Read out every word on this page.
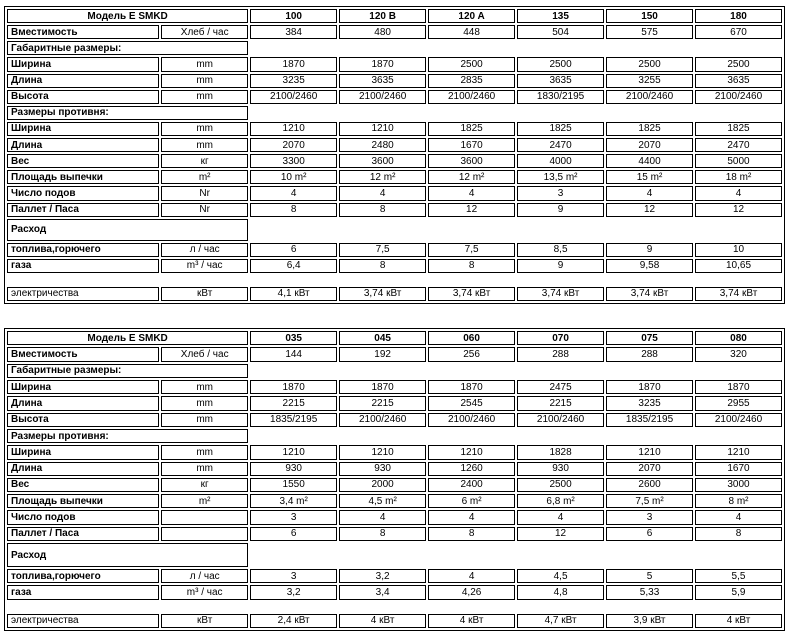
Модель E SMKD		100	120 B	120 A	135	150	180
Вместимость	Хлеб / час	384	480	448	504	575	670
Габаритные размеры:							
Ширина	mm	1870	1870	2500	2500	2500	2500
Длина	mm	3235	3635	2835	3635	3255	3635
Высота	mm	2100/2460	2100/2460	2100/2460	1830/2195	2100/2460	2100/2460
Размеры противня:							
Ширина	mm	1210	1210	1825	1825	1825	1825
Длина	mm	2070	2480	1670	2470	2070	2470
Вес	кг	3300	3600	3600	4000	4400	5000
Площадь выпечки	m²	10 m²	12 m²	12 m²	13,5 m²	15 m²	18 m²
Число подов	Nr	4	4	4	3	4	4
Паллет / Паса	Nr	8	8	12	9	12	12
Расход							
топлива,горючего	л / час	6	7,5	7,5	8,5	9	10
газа	m³ / час	6,4	8	8	9	9,58	10,65

электричества	кВт	4,1 кВт	3,74 кВт	3,74 кВт	3,74 кВт	3,74 кВт	3,74 кВт
Модель E SMKD		035	045	060	070	075	080
Вместимость	Хлеб / час	144	192	256	288	288	320
Габаритные размеры:							
Ширина	mm	1870	1870	1870	2475	1870	1870
Длина	mm	2215	2215	2545	2215	3235	2955
Высота	mm	1835/2195	2100/2460	2100/2460	2100/2460	1835/2195	2100/2460
Размеры противня:							
Ширина	mm	1210	1210	1210	1828	1210	1210
Длина	mm	930	930	1260	930	2070	1670
Вес	кг	1550	2000	2400	2500	2600	3000
Площадь выпечки	m²	3,4 m²	4,5 m²	6 m²	6,8 m²	7,5 m²	8 m²
Число подов		3	4	4	4	3	4
Паллет / Паса		6	8	8	12	6	8
Расход							
топлива,горючего	л / час	3	3,2	4	4,5	5	5,5
газа	m³ / час	3,2	3,4	4,26	4,8	5,33	5,9

электричества	кВт	2,4 кВт	4 кВт	4 кВт	4,7 кВт	3,9 кВт	4 кВт
